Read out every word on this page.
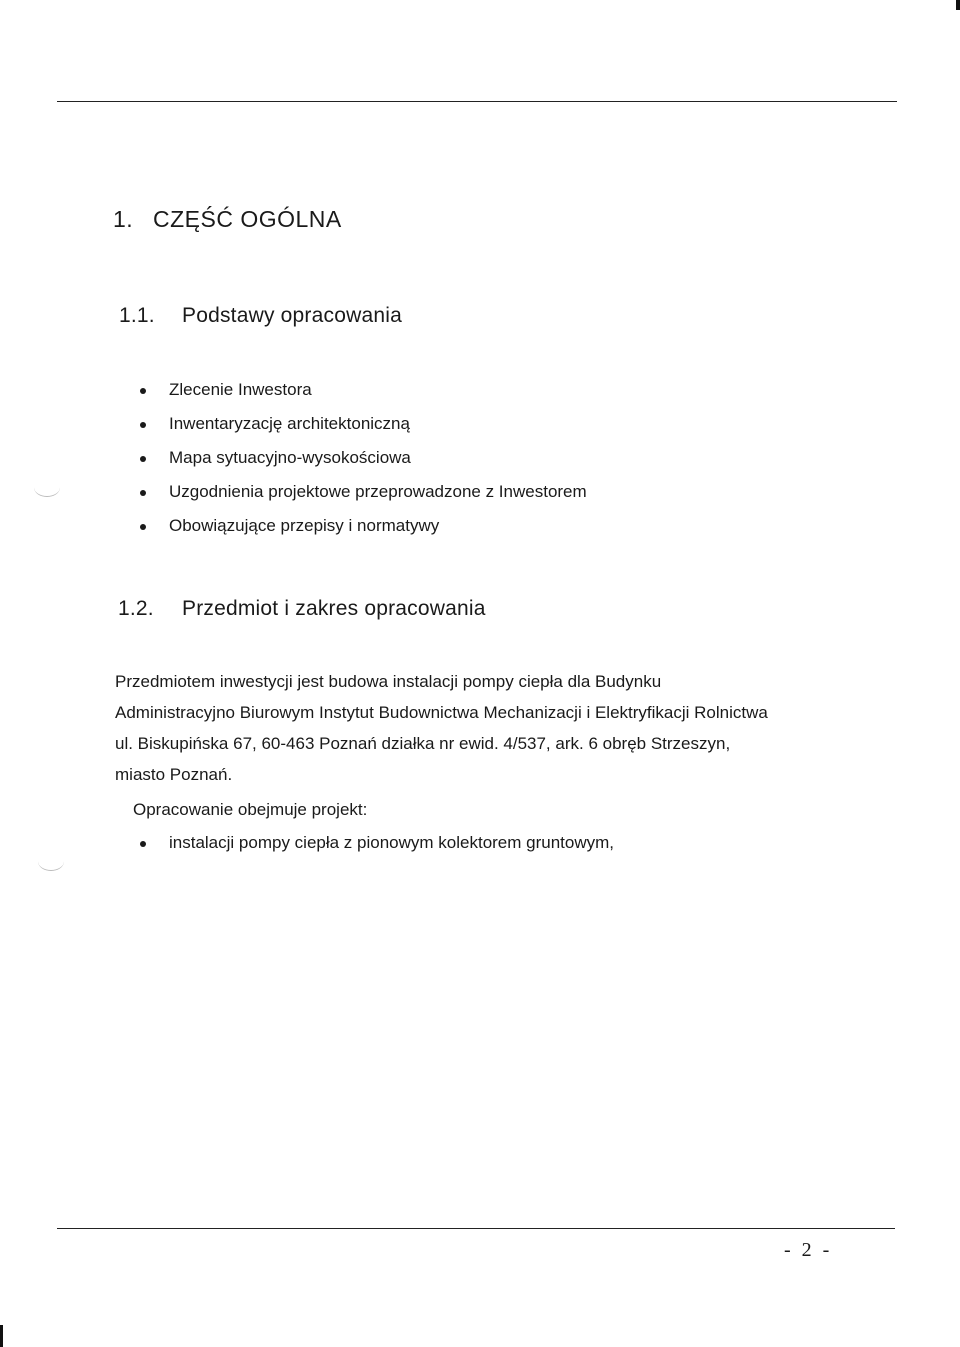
1. CZĘŚĆ OGÓLNA
1.1. Podstawy opracowania
Zlecenie Inwestora
Inwentaryzację architektoniczną
Mapa sytuacyjno-wysokościowa
Uzgodnienia projektowe przeprowadzone z Inwestorem
Obowiązujące przepisy i normatywy
1.2. Przedmiot i zakres opracowania
Przedmiotem inwestycji jest budowa instalacji pompy ciepła dla Budynku
Administracyjno Biurowym Instytut Budownictwa Mechanizacji i Elektryfikacji Rolnictwa
ul. Biskupińska 67, 60-463 Poznań działka nr ewid. 4/537, ark. 6 obręb Strzeszyn,
miasto Poznań.
Opracowanie obejmuje projekt:
instalacji pompy ciepła z pionowym kolektorem gruntowym,
- 2 -
